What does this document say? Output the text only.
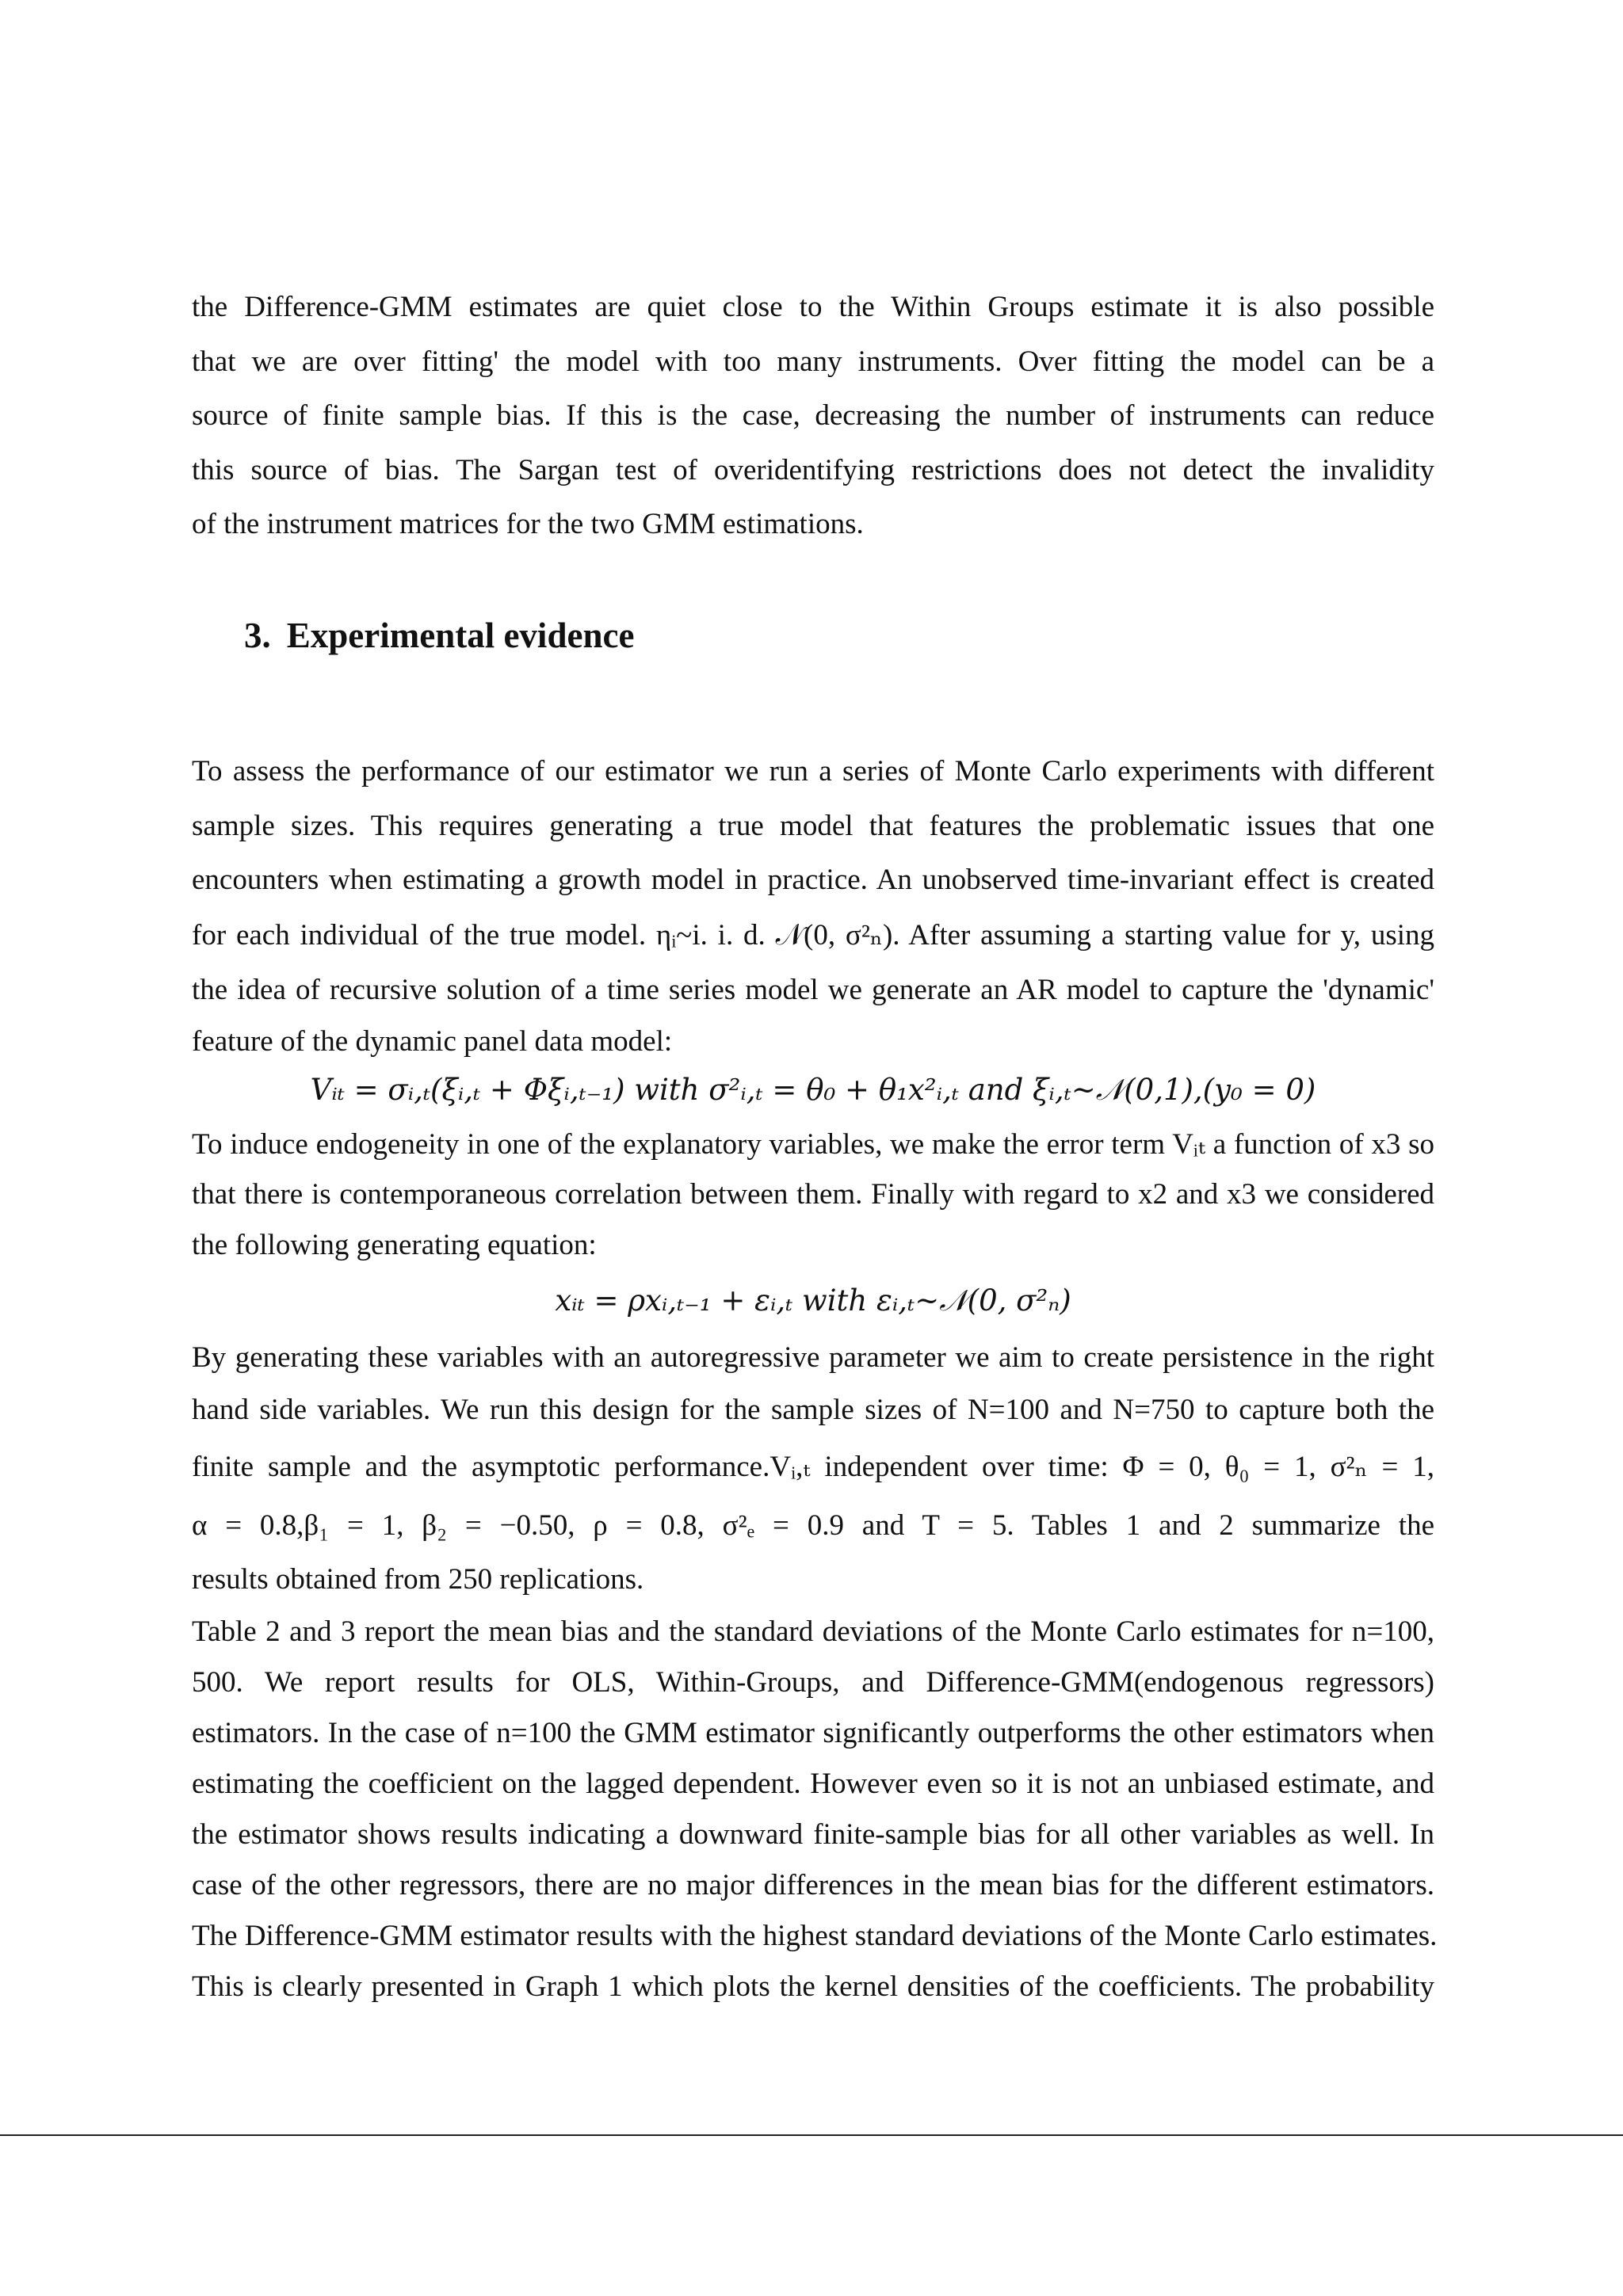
the Difference-GMM estimates are quiet close to the Within Groups estimate it is also possible
that we are over fitting' the model with too many instruments. Over fitting the model can be a
source of finite sample bias. If this is the case, decreasing the number of instruments can reduce
this source of bias. The Sargan test of overidentifying restrictions does not detect the invalidity
of the instrument matrices for the two GMM estimations.
3. Experimental evidence
To assess the performance of our estimator we run a series of Monte Carlo experiments with different
sample sizes. This requires generating a true model that features the problematic issues that one
encounters when estimating a growth model in practice. An unobserved time-invariant effect is created
for each individual of the true model. ηᵢ~i. i. d. 𝒩(0, σ²ₙ). After assuming a starting value for y, using
the idea of recursive solution of a time series model we generate an AR model to capture the 'dynamic'
feature of the dynamic panel data model:
Vᵢₜ = σᵢ,ₜ(ξᵢ,ₜ + Φξᵢ,ₜ₋₁) with σ²ᵢ,ₜ = θ₀ + θ₁x²ᵢ,ₜ and ξᵢ,ₜ~𝒩(0,1),(y₀ = 0)
To induce endogeneity in one of the explanatory variables, we make the error term Vᵢₜ a function of x3 so
that there is contemporaneous correlation between them. Finally with regard to x2 and x3 we considered
the following generating equation:
xᵢₜ = ρxᵢ,ₜ₋₁ + εᵢ,ₜ with εᵢ,ₜ~𝒩(0, σ²ₙ)
By generating these variables with an autoregressive parameter we aim to create persistence in the right
hand side variables. We run this design for the sample sizes of N=100 and N=750 to capture both the
finite sample and the asymptotic performance.Vᵢ,ₜ independent over time: Φ = 0, θ₀ = 1, σ²ₙ = 1,
α = 0.8,β₁ = 1, β₂ = −0.50, ρ = 0.8, σ²ₑ = 0.9 and T = 5. Tables 1 and 2 summarize the
results obtained from 250 replications.
Table 2 and 3 report the mean bias and the standard deviations of the Monte Carlo estimates for n=100,
500. We report results for OLS, Within-Groups, and Difference-GMM(endogenous regressors)
estimators. In the case of n=100 the GMM estimator significantly outperforms the other estimators when
estimating the coefficient on the lagged dependent. However even so it is not an unbiased estimate, and
the estimator shows results indicating a downward finite-sample bias for all other variables as well. In
case of the other regressors, there are no major differences in the mean bias for the different estimators.
The Difference-GMM estimator results with the highest standard deviations of the Monte Carlo estimates.
This is clearly presented in Graph 1 which plots the kernel densities of the coefficients. The probability
